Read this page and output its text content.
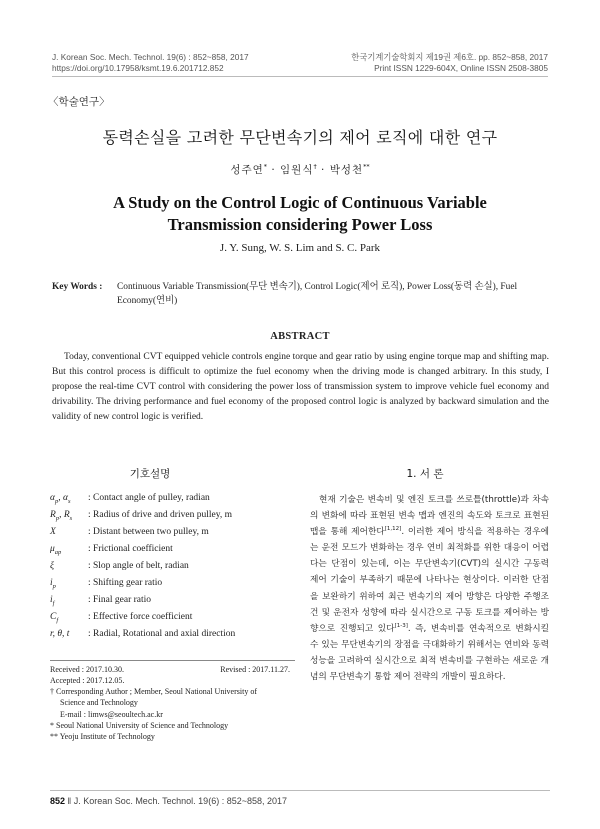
J. Korean Soc. Mech. Technol. 19(6) : 852~858, 2017
https://doi.org/10.17958/ksmt.19.6.201712.852
한국기계기술학회지 제19권 제6호. pp. 852~858, 2017
Print ISSN 1229-604X, Online ISSN 2508-3805
〈학술연구〉
동력손실을 고려한 무단변속기의 제어 로직에 대한 연구
성주연* · 임원식† · 박성천**
A Study on the Control Logic of Continuous Variable
Transmission considering Power Loss
J. Y. Sung, W. S. Lim and S. C. Park
Key Words : Continuous Variable Transmission(무단 변속기), Control Logic(제어 로직), Power Loss(동력 손실), Fuel Economy(연비)
ABSTRACT
Today, conventional CVT equipped vehicle controls engine torque and gear ratio by using engine torque map and shifting map. But this control process is difficult to optimize the fuel economy when the driving mode is changed arbitrary. In this study, I propose the real-time CVT control with considering the power loss of transmission system to improve vehicle fuel economy and drivability. The driving performance and fuel economy of the proposed control logic is analyzed by backward simulation and the validity of new control logic is verified.
기호설명
$\alpha_p$, $\alpha_s$ : Contact angle of pulley, radian
$R_p$, $R_s$ : Radius of drive and driven pulley, m
X	: Distant between two pulley, m
$\mu_{ap}$	: Frictional coefficient
ξ	: Slop angle of belt, radian
$i_p$	: Shifting gear ratio
$i_f$	: Final gear ratio
$C_f$	: Effective force coefficient
r, θ, t : Radial, Rotational and axial direction
Received : 2017.10.30.	Revised : 2017.11.27.
Accepted : 2017.12.05.
† Corresponding Author ; Member, Seoul National University of
Science and Technology
E-mail : limws@seoultech.ac.kr
* Seoul National University of Science and Technology
** Yeoju Institute of Technology
1. 서 론
현재 기술은 변속비 및 엔진 토크를 쓰로틀(throttle)과 차속의 변화에 따라 표현된 변속 맵과 엔진의 속도와 토크로 표현된 맵을 통해 제어한다[1,12]. 이러한 제어 방식을 적용하는 경우에는 운전 모드가 변화하는 경우 연비 최적화를 위한 대응이 어렵다는 단점이 있는데, 이는 무단변속기(CVT)의 실시간 구동력 제어 기술이 부족하기 때문에 나타나는 현상이다. 이러한 단점을 보완하기 위하여 최근 변속기의 제어 방향은 다양한 주행조건 및 운전자 성향에 따라 실시간으로 구동 토크를 제어하는 방향으로 진행되고 있다[1-3]. 즉, 변속비를 연속적으로 변화시킬 수 있는 무단변속기의 장점을 극대화하기 위해서는 연비와 동력 성능을 고려하여 실시간으로 최적 변속비를 구현하는 새로운 개념의 무단변속기 통합 제어 전략의 개발이 필요하다.
852 ‖ J. Korean Soc. Mech. Technol. 19(6) : 852~858, 2017
